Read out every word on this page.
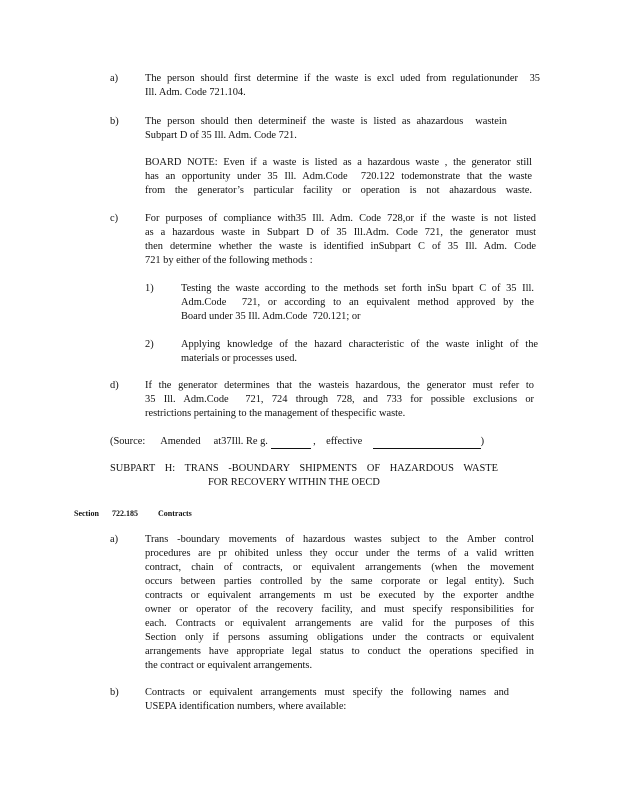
a)	The person should first determine if the waste is excl uded from regulationunder  35
Ill. Adm. Code 721.104.
b)	The person should then determineif the waste is listed as ahazardous  wastein
Subpart D of 35 Ill. Adm. Code 721.
BOARD NOTE: Even if a waste is listed as a hazardous waste , the generator still
has an opportunity under 35 Ill. Adm.Code  720.122 todemonstrate that the waste
from the generator’s particular facility or operation is not ahazardous waste.
c)	For purposes of compliance with35 Ill. Adm. Code 728,or if the waste is not listed
as a hazardous waste in Subpart D of 35 Ill.Adm. Code 721, the generator must
then determine whether the waste is identified inSubpart C of 35 Ill. Adm. Code
721 by either of the following methods :
1)	Testing the waste according to the methods set forth inSu bpart C of 35 Ill.
Adm.Code  721, or according to an equivalent method approved by the
Board under 35 Ill. Adm.Code  720.121; or
2)	Applying knowledge of the hazard characteristic of the waste inlight of the
materials or processes used.
d)	If the generator determines that the wasteis hazardous, the generator must refer to
35 Ill. Adm.Code  721, 724 through 728, and 733 for possible exclusions or
restrictions pertaining to the management of thespecific waste.
(Source: Amended at37Ill. Re g.	, effective	)
SUBPART H: TRANS -BOUNDARY SHIPMENTS OF HAZARDOUS WASTE
FOR RECOVERY WITHIN THE OECD
Section 722.185	Contracts
a)	Trans -boundary movements of hazardous wastes subject to the Amber control
procedures are pr ohibited unless they occur under the terms of a valid written
contract, chain of contracts, or equivalent arrangements (when the movement
occurs between parties controlled by the same corporate or legal entity). Such
contracts or equivalent arrangements m ust be executed by the exporter andthe
owner or operator of the recovery facility, and must specify responsibilities for
each. Contracts or equivalent arrangements are valid for the purposes of this
Section only if persons assuming obligations under the contracts or equivalent
arrangements have appropriate legal status to conduct the operations specified in
the contract or equivalent arrangements.
b)	Contracts or equivalent arrangements must specify the following names and
USEPA identification numbers, where available:
